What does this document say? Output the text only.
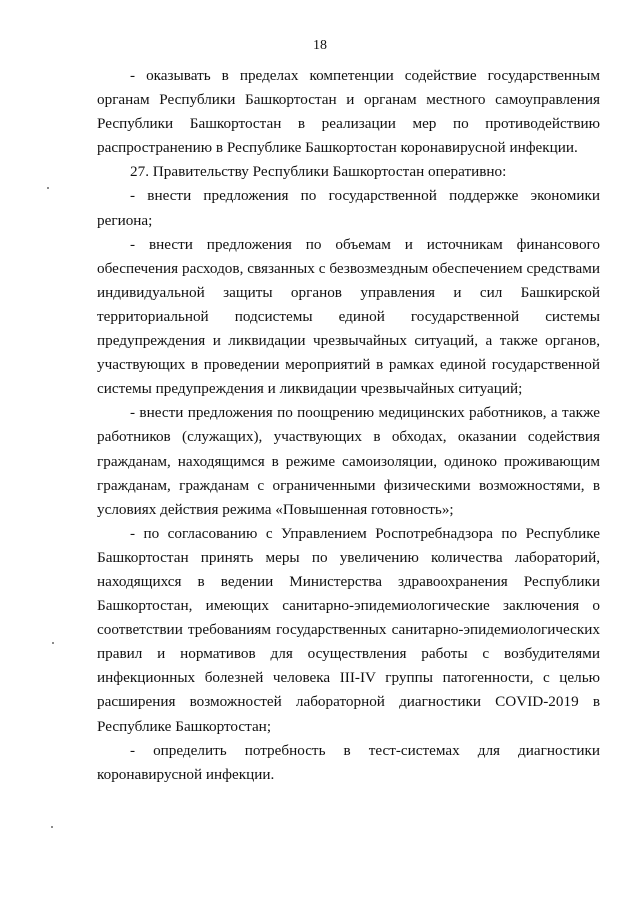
18

- оказывать в пределах компетенции содействие государственным органам Республики Башкортостан и органам местного самоуправления Республики Башкортостан в реализации мер по противодействию распространению в Республике Башкортостан коронавирусной инфекции.

27. Правительству Республики Башкортостан оперативно:

- внести предложения по государственной поддержке экономики региона;

- внести предложения по объемам и источникам финансового обеспечения расходов, связанных с безвозмездным обеспечением средствами индивидуальной защиты органов управления и сил Башкирской территориальной подсистемы единой государственной системы предупреждения и ликвидации чрезвычайных ситуаций, а также органов, участвующих в проведении мероприятий в рамках единой государственной системы предупреждения и ликвидации чрезвычайных ситуаций;

- внести предложения по поощрению медицинских работников, а также работников (служащих), участвующих в обходах, оказании содействия гражданам, находящимся в режиме самоизоляции, одиноко проживающим гражданам, гражданам с ограниченными физическими возможностями, в условиях действия режима «Повышенная готовность»;

- по согласованию с Управлением Роспотребнадзора по Республике Башкортостан принять меры по увеличению количества лабораторий, находящихся в ведении Министерства здравоохранения Республики Башкортостан, имеющих санитарно-эпидемиологические заключения о соответствии требованиям государственных санитарно-эпидемиологических правил и нормативов для осуществления работы с возбудителями инфекционных болезней человека III-IV группы патогенности, с целью расширения возможностей лабораторной диагностики COVID-2019 в Республике Башкортостан;

- определить потребность в тест-системах для диагностики коронавирусной инфекции.
